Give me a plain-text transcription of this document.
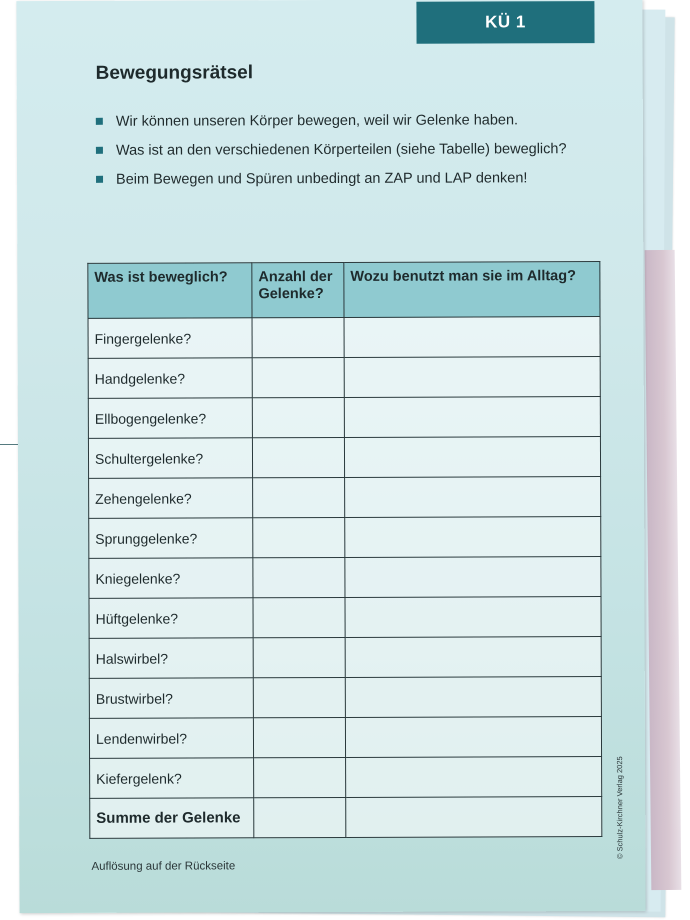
KÜ 1
Bewegungsrätsel
Wir können unseren Körper bewegen, weil wir Gelenke haben.
Was ist an den verschiedenen Körperteilen (siehe Tabelle) beweglich?
Beim Bewegen und Spüren unbedingt an ZAP und LAP denken!
Was ist beweglich?	Anzahl der Gelenke?	Wozu benutzt man sie im Alltag?
Fingergelenke?		
Handgelenke?		
Ellbogengelenke?		
Schultergelenke?		
Zehengelenke?		
Sprunggelenke?		
Kniegelenke?		
Hüftgelenke?		
Halswirbel?		
Brustwirbel?		
Lendenwirbel?		
Kiefergelenk?		
Summe der Gelenke		
Auflösung auf der Rückseite
© Schulz-Kirchner Verlag 2025
